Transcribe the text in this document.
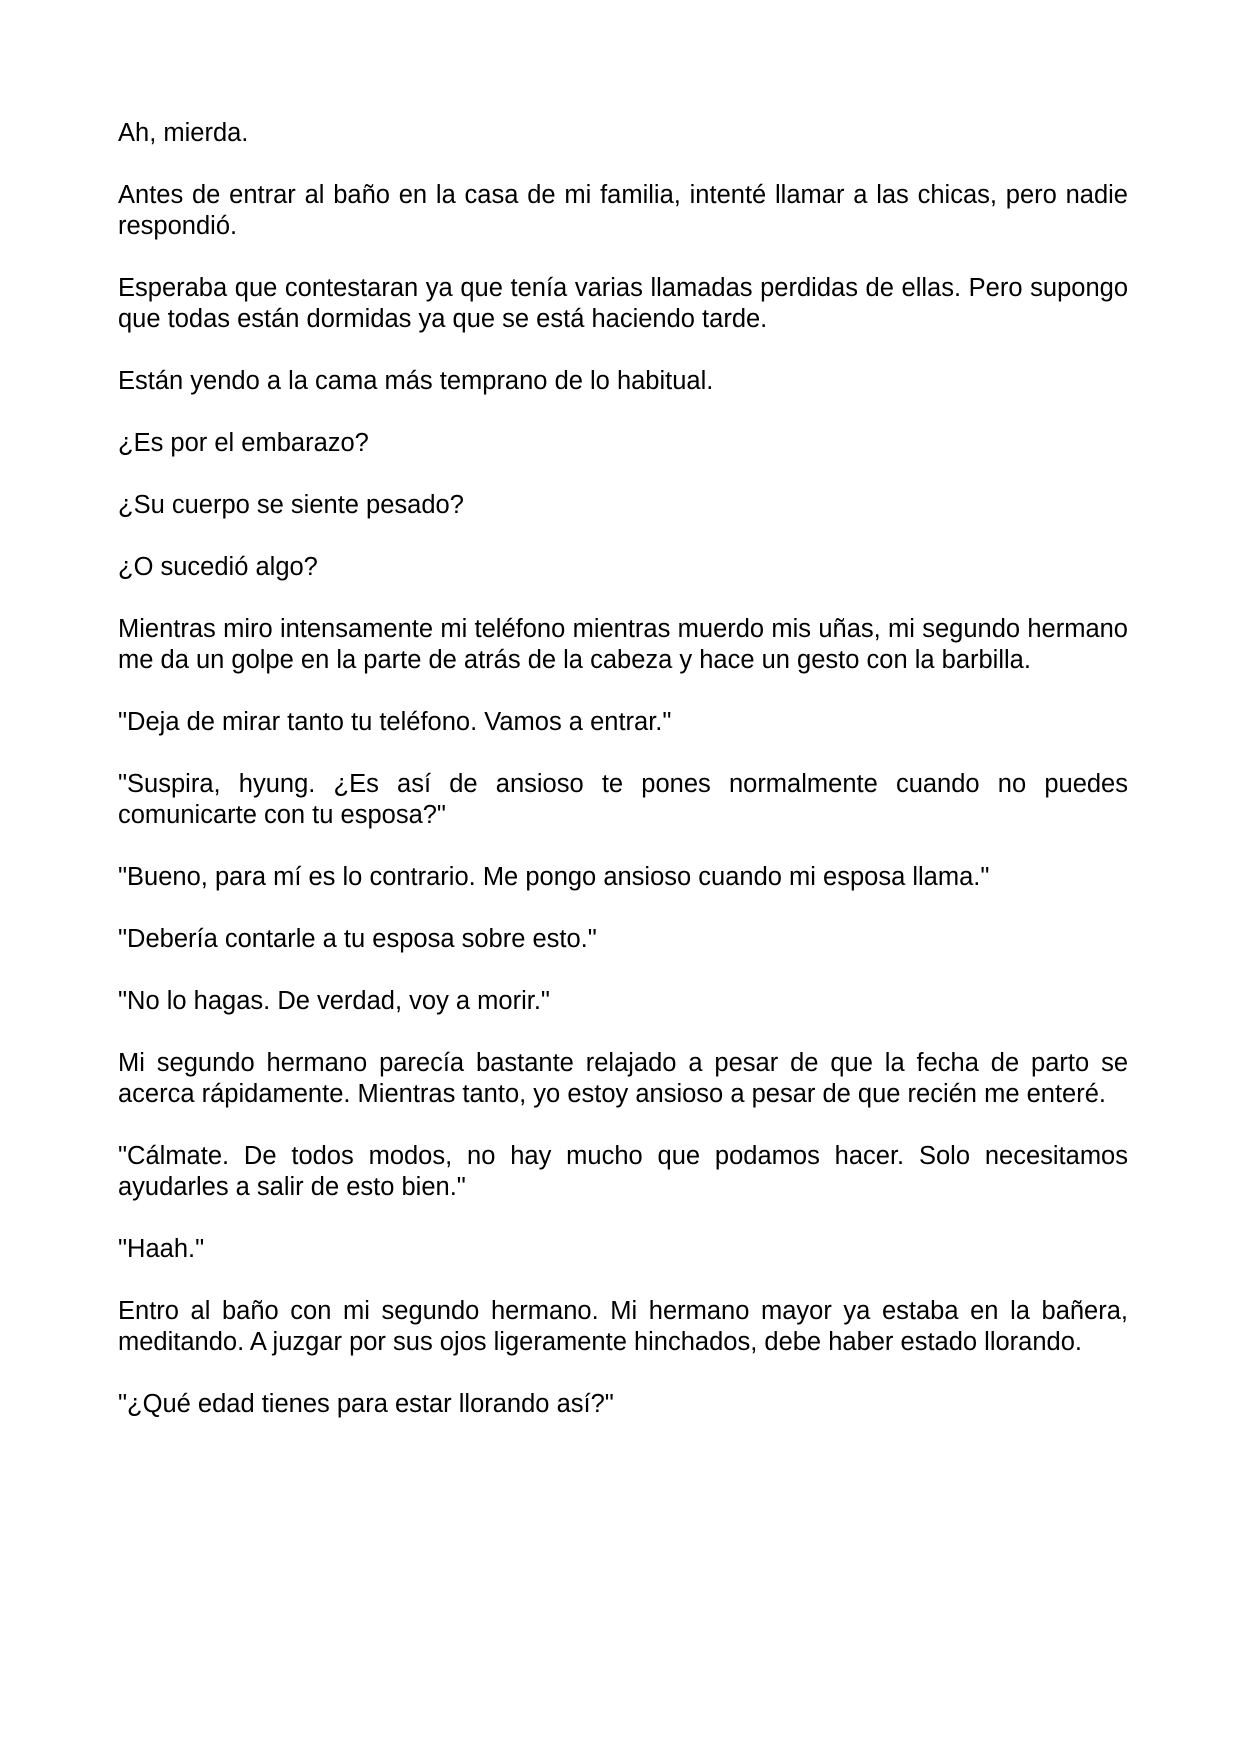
Ah, mierda.

Antes de entrar al baño en la casa de mi familia, intenté llamar a las chicas, pero nadie respondió.

Esperaba que contestaran ya que tenía varias llamadas perdidas de ellas. Pero supongo que todas están dormidas ya que se está haciendo tarde.

Están yendo a la cama más temprano de lo habitual.

¿Es por el embarazo?

¿Su cuerpo se siente pesado?

¿O sucedió algo?

Mientras miro intensamente mi teléfono mientras muerdo mis uñas, mi segundo hermano me da un golpe en la parte de atrás de la cabeza y hace un gesto con la barbilla.

"Deja de mirar tanto tu teléfono. Vamos a entrar."

"Suspira, hyung. ¿Es así de ansioso te pones normalmente cuando no puedes comunicarte con tu esposa?"

"Bueno, para mí es lo contrario. Me pongo ansioso cuando mi esposa llama."

"Debería contarle a tu esposa sobre esto."

"No lo hagas. De verdad, voy a morir."

Mi segundo hermano parecía bastante relajado a pesar de que la fecha de parto se acerca rápidamente. Mientras tanto, yo estoy ansioso a pesar de que recién me enteré.

"Cálmate. De todos modos, no hay mucho que podamos hacer. Solo necesitamos ayudarles a salir de esto bien."

"Haah."

Entro al baño con mi segundo hermano. Mi hermano mayor ya estaba en la bañera, meditando. A juzgar por sus ojos ligeramente hinchados, debe haber estado llorando.

"¿Qué edad tienes para estar llorando así?"
